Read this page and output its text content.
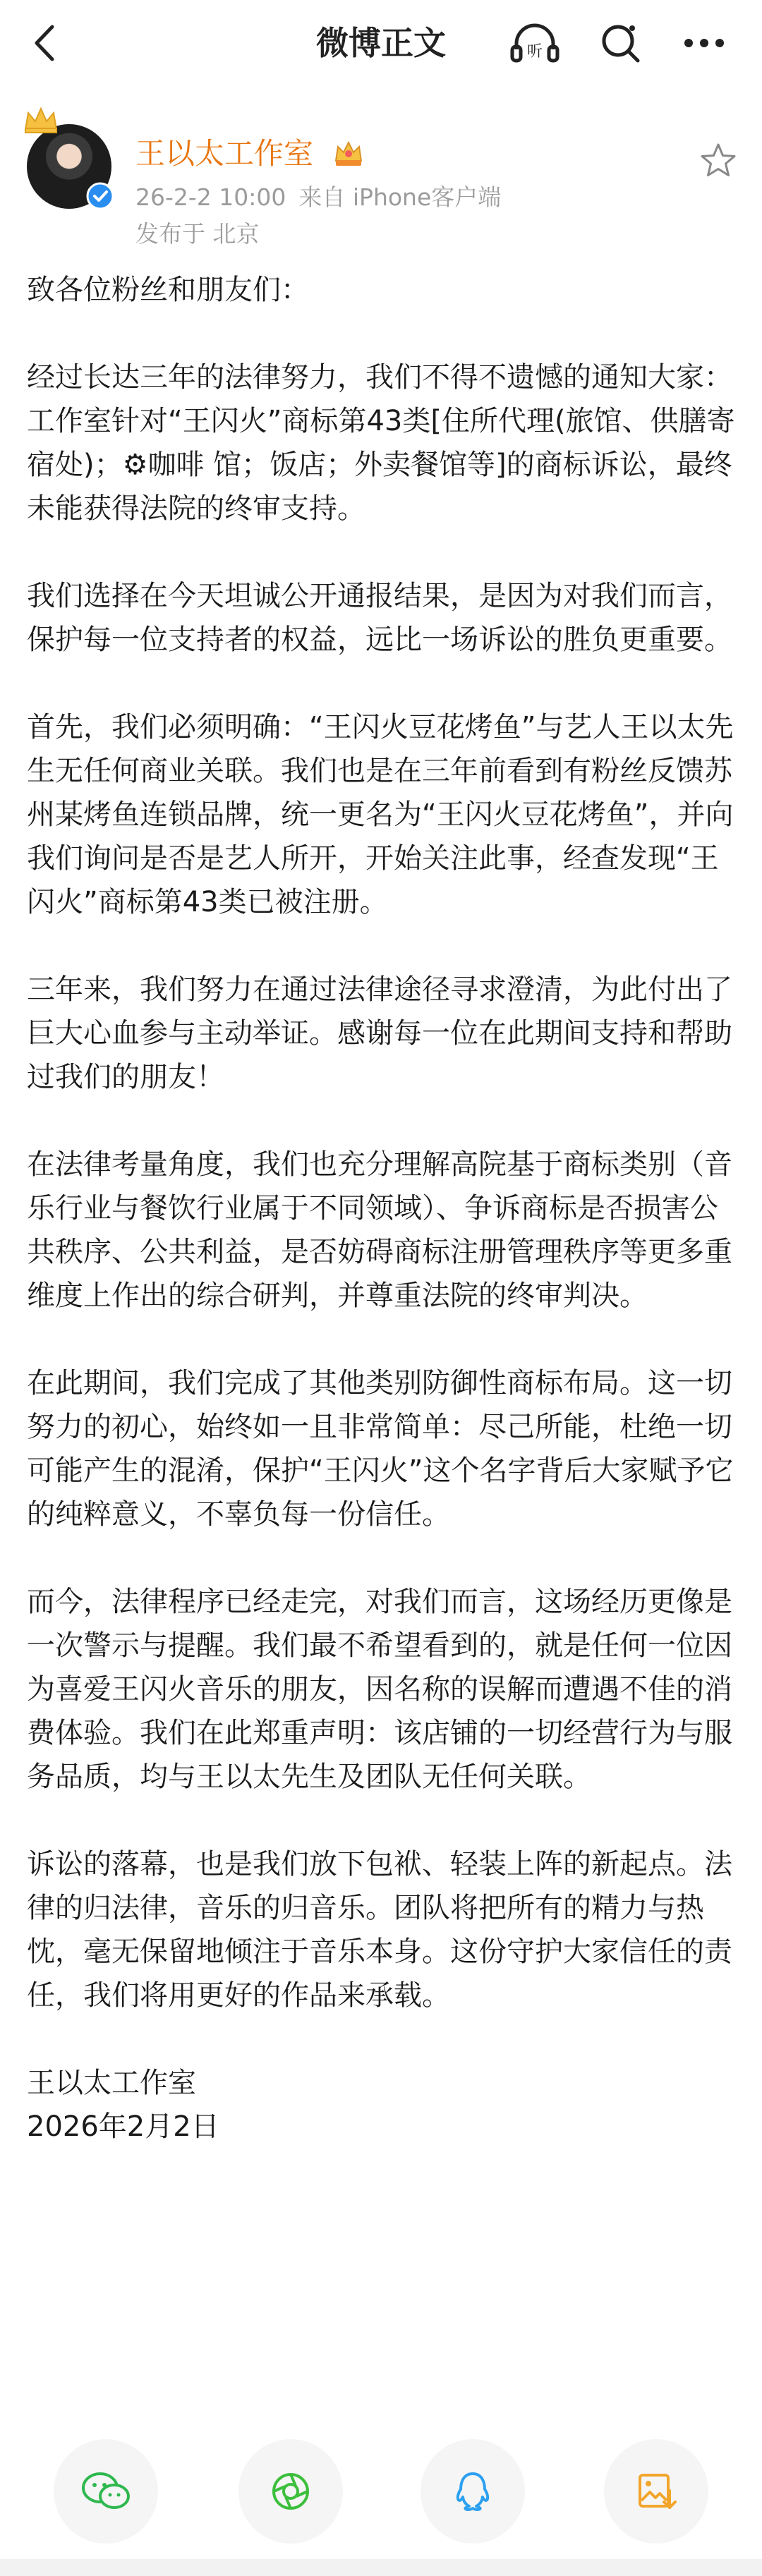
微博正文	听
王以太工作室
26-2-2 10:00 来自 iPhone客户端
发布于 北京

致各位粉丝和朋友们：

经过长达三年的法律努力，我们不得不遗憾的通知大家：工作室针对“王闪火”商标第43类[住所代理(旅馆、供膳寄宿处)；⚙咖啡 馆；饭店；外卖餐馆等]的商标诉讼，最终未能获得法院的终审支持。

我们选择在今天坦诚公开通报结果，是因为对我们而言，保护每一位支持者的权益，远比一场诉讼的胜负更重要。

首先，我们必须明确：“王闪火豆花烤鱼”与艺人王以太先生无任何商业关联。我们也是在三年前看到有粉丝反馈苏州某烤鱼连锁品牌，统一更名为“王闪火豆花烤鱼”，并向我们询问是否是艺人所开，开始关注此事，经查发现“王闪火”商标第43类已被注册。

三年来，我们努力在通过法律途径寻求澄清，为此付出了巨大心血参与主动举证。感谢每一位在此期间支持和帮助过我们的朋友！

在法律考量角度，我们也充分理解高院基于商标类别（音乐行业与餐饮行业属于不同领域）、争诉商标是否损害公共秩序、公共利益，是否妨碍商标注册管理秩序等更多重维度上作出的综合研判，并尊重法院的终审判决。

在此期间，我们完成了其他类别防御性商标布局。这一切努力的初心，始终如一且非常简单：尽己所能，杜绝一切可能产生的混淆，保护“王闪火”这个名字背后大家赋予它的纯粹意义，不辜负每一份信任。

而今，法律程序已经走完，对我们而言，这场经历更像是一次警示与提醒。我们最不希望看到的，就是任何一位因为喜爱王闪火音乐的朋友，因名称的误解而遭遇不佳的消费体验。我们在此郑重声明：该店铺的一切经营行为与服务品质，均与王以太先生及团队无任何关联。

诉讼的落幕，也是我们放下包袱、轻装上阵的新起点。法律的归法律，音乐的归音乐。团队将把所有的精力与热忱，毫无保留地倾注于音乐本身。这份守护大家信任的责任，我们将用更好的作品来承载。

王以太工作室

2026年2月2日
